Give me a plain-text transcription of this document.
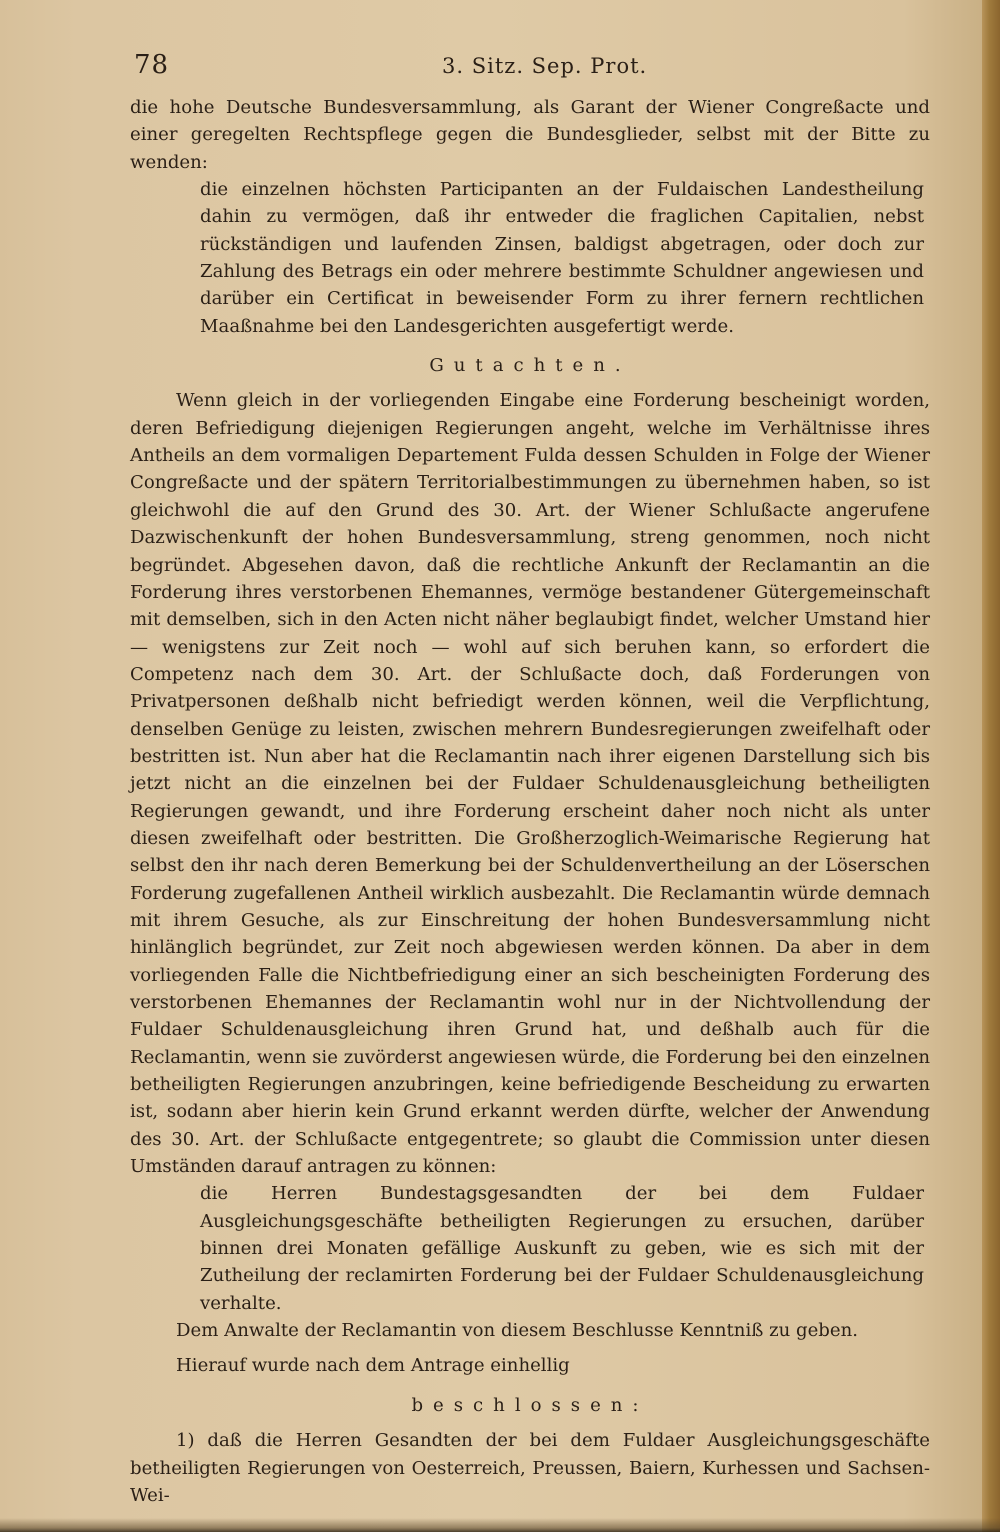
78	3. Sitz. Sep. Prot.

die hohe Deutsche Bundesversammlung, als Garant der Wiener Congreßacte und einer geregelten Rechtspflege gegen die Bundesglieder, selbst mit der Bitte zu wenden:

die einzelnen höchsten Participanten an der Fuldaischen Landestheilung dahin zu vermögen, daß ihr entweder die fraglichen Capitalien, nebst rückständigen und laufenden Zinsen, baldigst abgetragen, oder doch zur Zahlung des Betrags ein oder mehrere bestimmte Schuldner angewiesen und darüber ein Certificat in beweisender Form zu ihrer fernern rechtlichen Maaßnahme bei den Landesgerichten ausgefertigt werde.

Gutachten.

Wenn gleich in der vorliegenden Eingabe eine Forderung bescheinigt worden, deren Befriedigung diejenigen Regierungen angeht, welche im Verhältnisse ihres Antheils an dem vormaligen Departement Fulda dessen Schulden in Folge der Wiener Congreßacte und der spätern Territorialbestimmungen zu übernehmen haben, so ist gleichwohl die auf den Grund des 30. Art. der Wiener Schlußacte angerufene Dazwischenkunft der hohen Bundesversammlung, streng genommen, noch nicht begründet. Abgesehen davon, daß die rechtliche Ankunft der Reclamantin an die Forderung ihres verstorbenen Ehemannes, vermöge bestandener Gütergemeinschaft mit demselben, sich in den Acten nicht näher beglaubigt findet, welcher Umstand hier — wenigstens zur Zeit noch — wohl auf sich beruhen kann, so erfordert die Competenz nach dem 30. Art. der Schlußacte doch, daß Forderungen von Privatpersonen deßhalb nicht befriedigt werden können, weil die Verpflichtung, denselben Genüge zu leisten, zwischen mehrern Bundesregierungen zweifelhaft oder bestritten ist. Nun aber hat die Reclamantin nach ihrer eigenen Darstellung sich bis jetzt nicht an die einzelnen bei der Fuldaer Schuldenausgleichung betheiligten Regierungen gewandt, und ihre Forderung erscheint daher noch nicht als unter diesen zweifelhaft oder bestritten. Die Großherzoglich-Weimarische Regierung hat selbst den ihr nach deren Bemerkung bei der Schuldenvertheilung an der Löserschen Forderung zugefallenen Antheil wirklich ausbezahlt. Die Reclamantin würde demnach mit ihrem Gesuche, als zur Einschreitung der hohen Bundesversammlung nicht hinlänglich begründet, zur Zeit noch abgewiesen werden können. Da aber in dem vorliegenden Falle die Nichtbefriedigung einer an sich bescheinigten Forderung des verstorbenen Ehemannes der Reclamantin wohl nur in der Nichtvollendung der Fuldaer Schuldenausgleichung ihren Grund hat, und deßhalb auch für die Reclamantin, wenn sie zuvörderst angewiesen würde, die Forderung bei den einzelnen betheiligten Regierungen anzubringen, keine befriedigende Bescheidung zu erwarten ist, sodann aber hierin kein Grund erkannt werden dürfte, welcher der Anwendung des 30. Art. der Schlußacte entgegentrete; so glaubt die Commission unter diesen Umständen darauf antragen zu können:

die Herren Bundestagsgesandten der bei dem Fuldaer Ausgleichungsgeschäfte betheiligten Regierungen zu ersuchen, darüber binnen drei Monaten gefällige Auskunft zu geben, wie es sich mit der Zutheilung der reclamirten Forderung bei der Fuldaer Schuldenausgleichung verhalte.

Dem Anwalte der Reclamantin von diesem Beschlusse Kenntniß zu geben.

Hierauf wurde nach dem Antrage einhellig

beschlossen:

1) daß die Herren Gesandten der bei dem Fuldaer Ausgleichungsgeschäfte betheiligten Regierungen von Oesterreich, Preussen, Baiern, Kurhessen und Sachsen-Wei-
